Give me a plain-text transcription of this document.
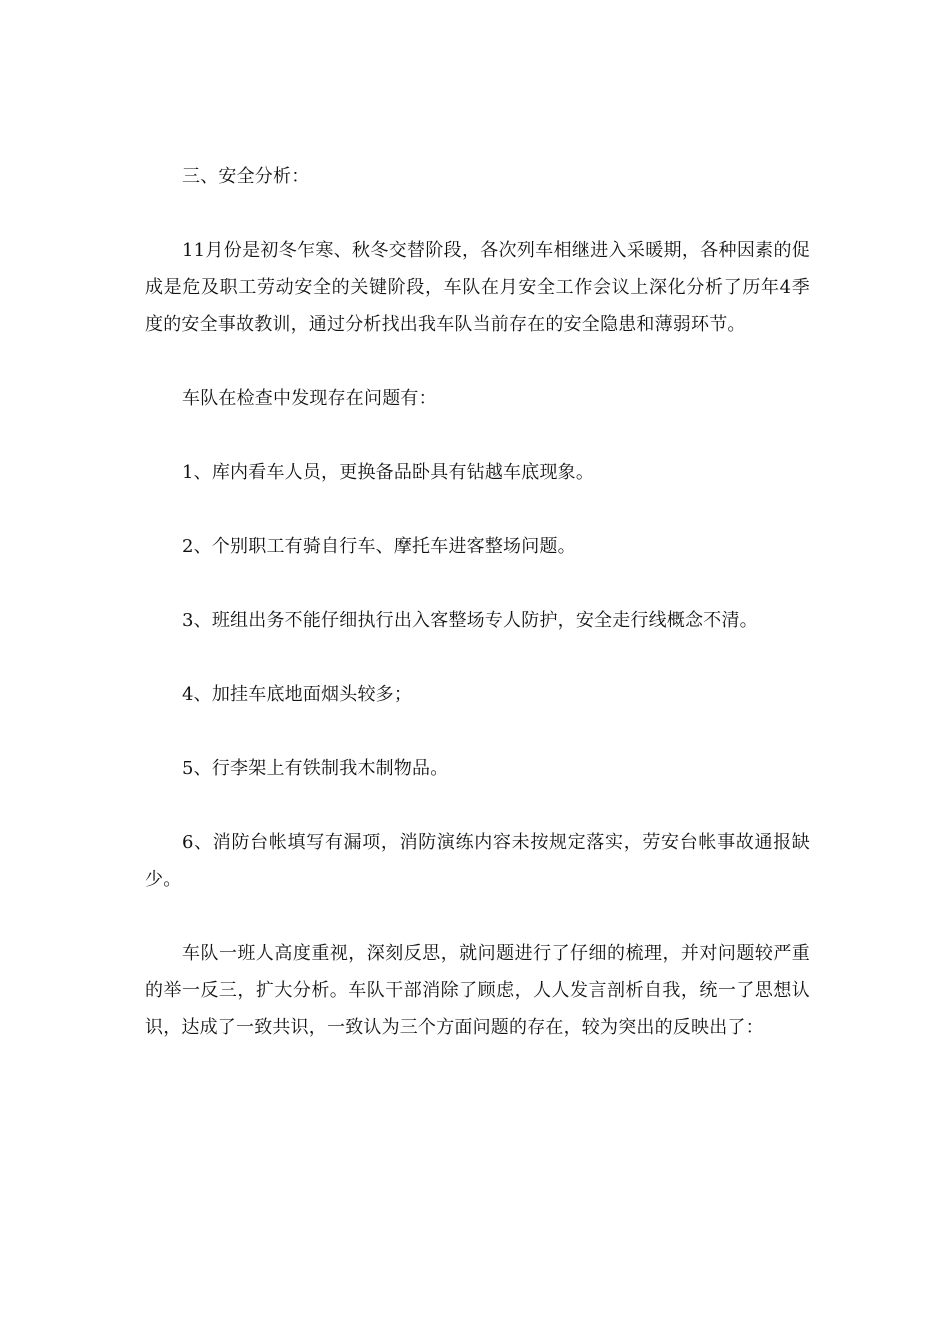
三、安全分析：

11月份是初冬乍寒、秋冬交替阶段，各次列车相继进入采暖期，各种因素的促成是危及职工劳动安全的关键阶段，车队在月安全工作会议上深化分析了历年4季度的安全事故教训，通过分析找出我车队当前存在的安全隐患和薄弱环节。

车队在检查中发现存在问题有：

1、库内看车人员，更换备品卧具有钻越车底现象。

2、个别职工有骑自行车、摩托车进客整场问题。

3、班组出务不能仔细执行出入客整场专人防护，安全走行线概念不清。

4、加挂车底地面烟头较多；

5、行李架上有铁制我木制物品。

6、消防台帐填写有漏项，消防演练内容未按规定落实，劳安台帐事故通报缺少。

车队一班人高度重视，深刻反思，就问题进行了仔细的梳理，并对问题较严重的举一反三，扩大分析。车队干部消除了顾虑，人人发言剖析自我，统一了思想认识，达成了一致共识，一致认为三个方面问题的存在，较为突出的反映出了：
